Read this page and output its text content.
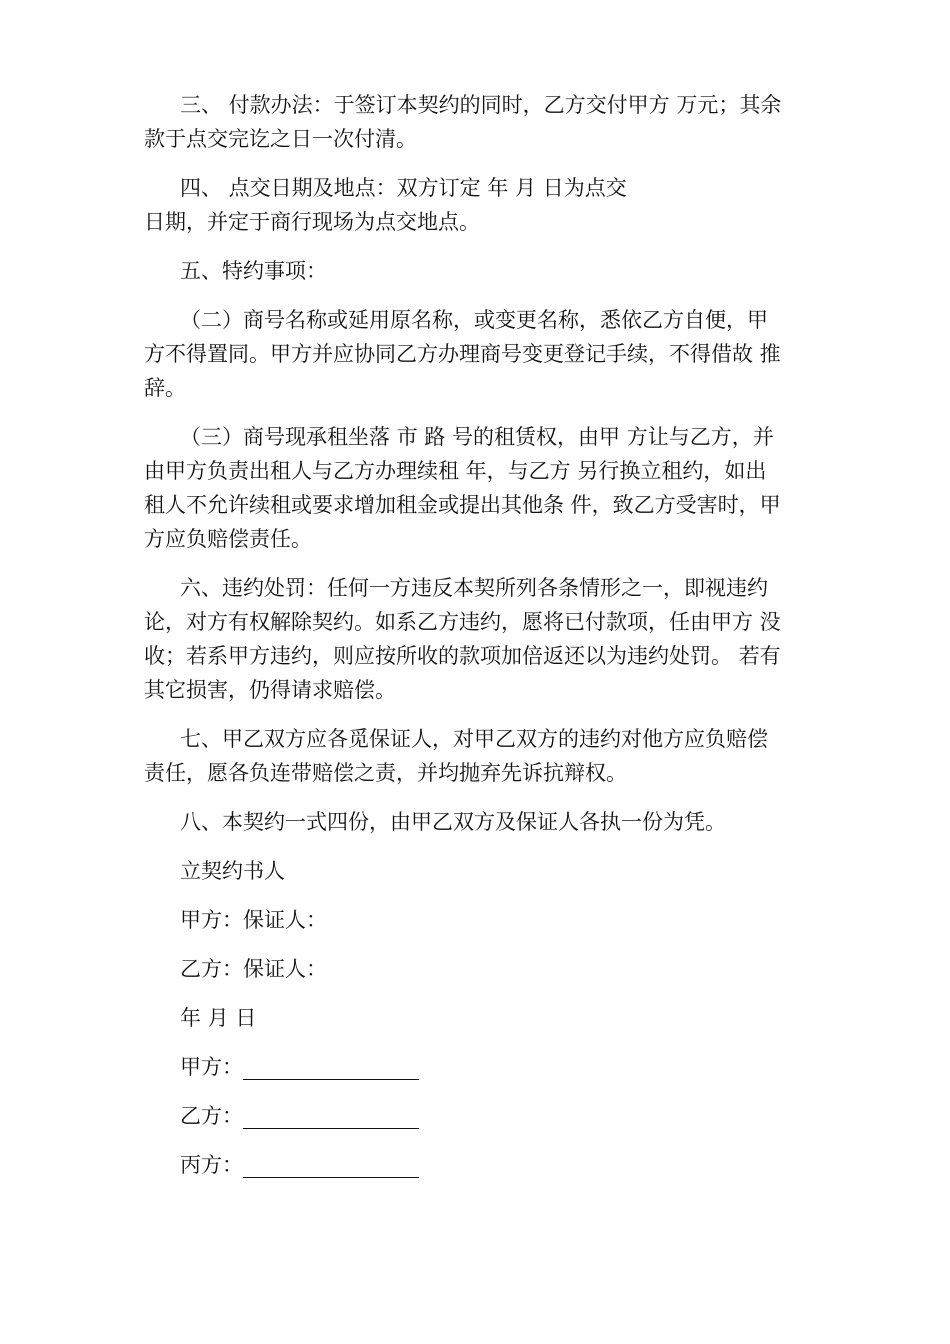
三、 付款办法：于签订本契约的同时，乙方交付甲方 万元；其余
款于点交完讫之日一次付清。
四、 点交日期及地点：双方订定 年 月 日为点交
日期，并定于商行现场为点交地点。
五、特约事项：
（二）商号名称或延用原名称，或变更名称，悉依乙方自便，甲
方不得置同。甲方并应协同乙方办理商号变更登记手续，不得借故 推
辞。
（三）商号现承租坐落 市 路 号的租赁权，由甲 方让与乙方，并
由甲方负责出租人与乙方办理续租 年，与乙方 另行换立租约，如出
租人不允许续租或要求增加租金或提出其他条 件，致乙方受害时，甲
方应负赔偿责任。
六、违约处罚：任何一方违反本契所列各条情形之一，即视违约
论，对方有权解除契约。如系乙方违约，愿将已付款项，任由甲方 没
收；若系甲方违约，则应按所收的款项加倍返还以为违约处罚。 若有
其它损害，仍得请求赔偿。
七、甲乙双方应各觅保证人，对甲乙双方的违约对他方应负赔偿
责任，愿各负连带赔偿之责，并均抛弃先诉抗辩权。
八、本契约一式四份，由甲乙双方及保证人各执一份为凭。
立契约书人
甲方：保证人：
乙方：保证人：
年 月 日
甲方：
乙方：
丙方：
